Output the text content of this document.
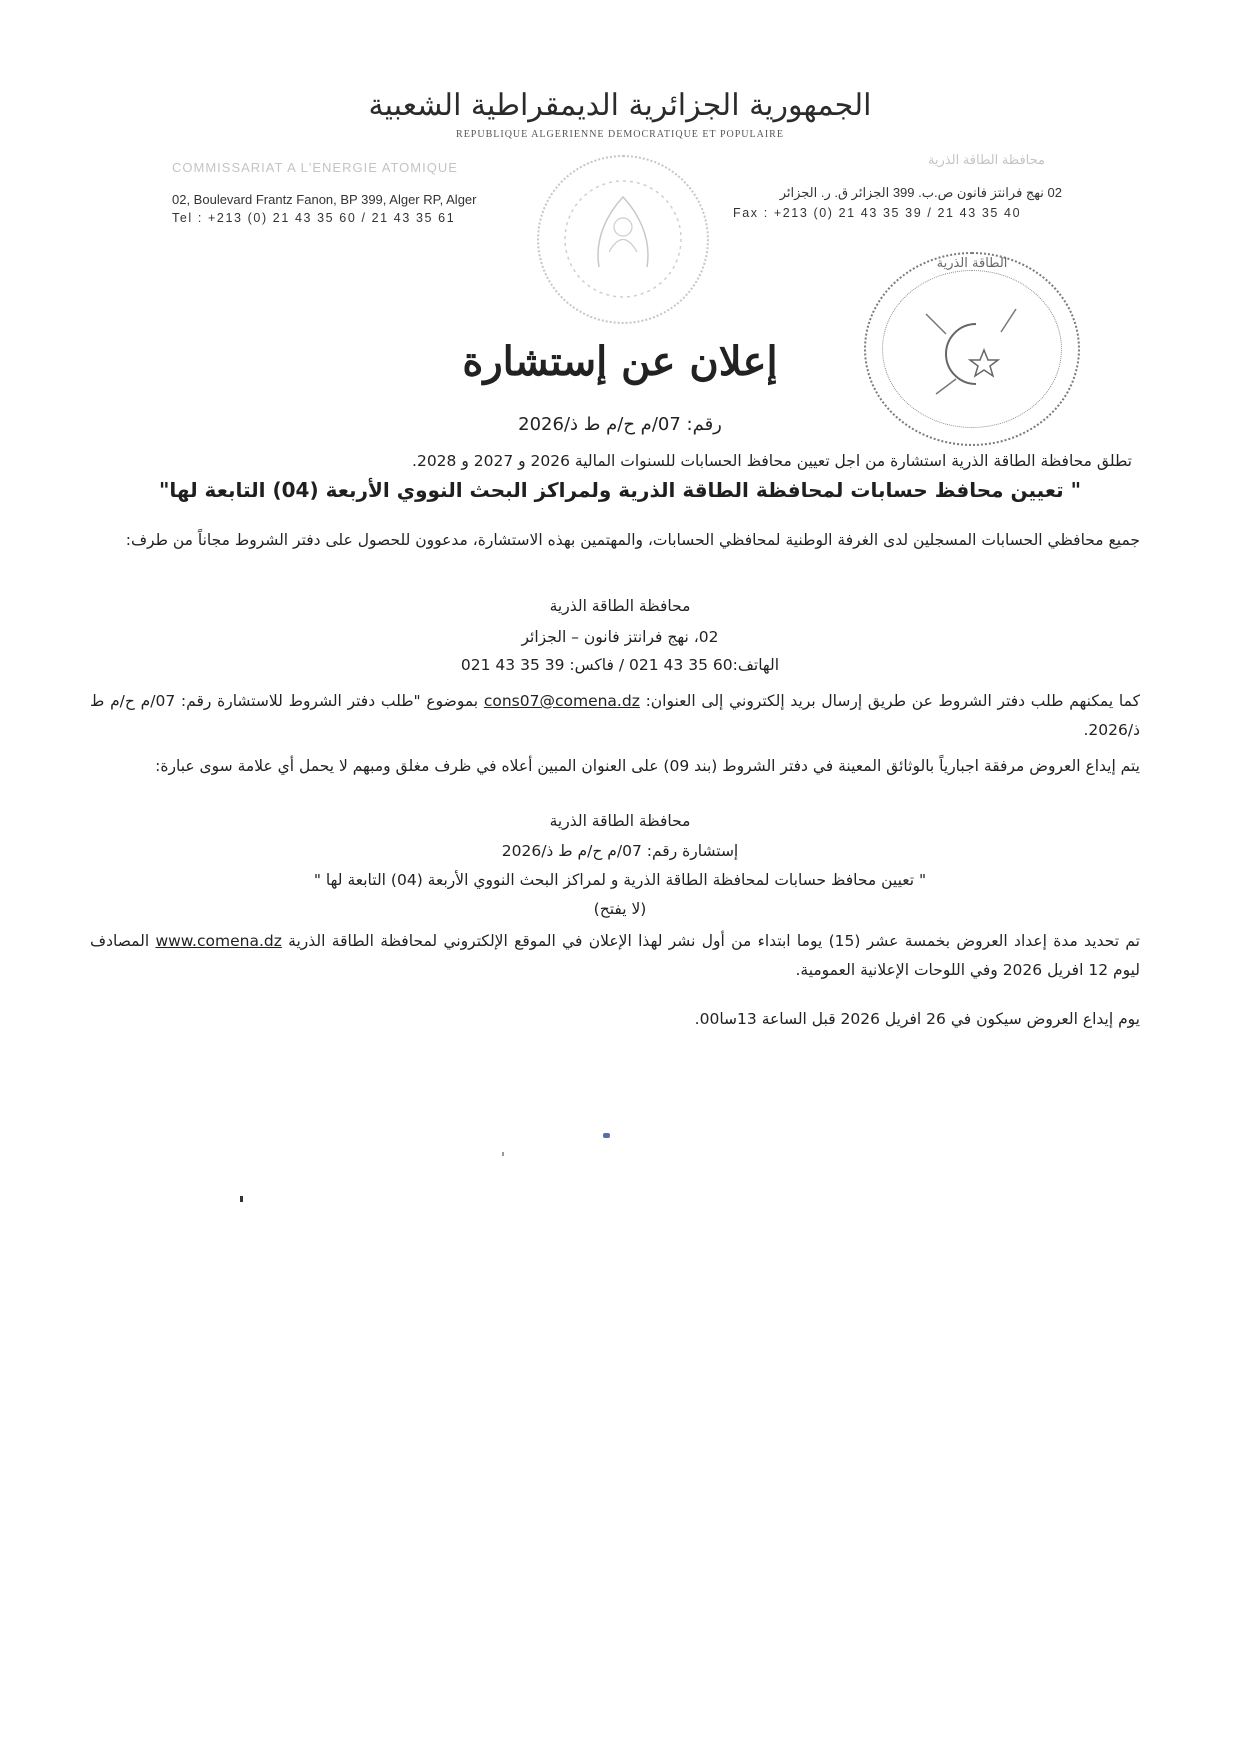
الجمهورية الجزائرية الديمقراطية الشعبية
REPUBLIQUE ALGERIENNE DEMOCRATIQUE ET POPULAIRE
COMMISSARIAT A L'ENERGIE ATOMIQUE
02, Boulevard Frantz Fanon, BP 399, Alger RP, Alger
Tel : +213 (0) 21 43 35 60 / 21 43 35 61
محافظة الطاقة الذرية
02 نهج فرانتز فانون ص.ب. 399 الجزائر ق. ر. الجزائر
Fax : +213 (0) 21 43 35 39 / 21 43 35 40
الطاقة الذرية
إعلان عن إستشارة
رقم: 07/م ح/م ط ذ/2026
تطلق محافظة الطاقة الذرية استشارة من اجل تعيين محافظ الحسابات للسنوات المالية 2026 و 2027 و 2028.
" تعيين محافظ حسابات لمحافظة الطاقة الذرية ولمراكز البحث النووي الأربعة (04) التابعة لها"
جميع محافظي الحسابات المسجلين لدى الغرفة الوطنية لمحافظي الحسابات، والمهتمين بهذه الاستشارة، مدعوون للحصول على دفتر الشروط مجاناً من طرف:
محافظة الطاقة الذرية
02، نهج فرانتز فانون – الجزائر
الهاتف:60 35 43 021 / فاكس: 39 35 43 021
كما يمكنهم طلب دفتر الشروط عن طريق إرسال بريد إلكتروني إلى العنوان: cons07@comena.dz بموضوع "طلب دفتر الشروط للاستشارة رقم: 07/م ح/م ط ذ/2026.
يتم إيداع العروض مرفقة اجبارياً بالوثائق المعينة في دفتر الشروط (بند 09) على العنوان المبين أعلاه في ظرف مغلق ومبهم لا يحمل أي علامة سوى عبارة:
محافظة الطاقة الذرية
إستشارة رقم: 07/م ح/م ط ذ/2026
" تعيين محافظ حسابات لمحافظة الطاقة الذرية و لمراكز البحث النووي الأربعة (04) التابعة لها "
(لا يفتح)
تم تحديد مدة إعداد العروض بخمسة عشر (15) يوما ابتداء من أول نشر لهذا الإعلان في الموقع الإلكتروني لمحافظة الطاقة الذرية www.comena.dz المصادف ليوم 12 افريل 2026 وفي اللوحات الإعلانية العمومية.
يوم إيداع العروض سيكون في 26 افريل 2026 قبل الساعة 13سا00.
